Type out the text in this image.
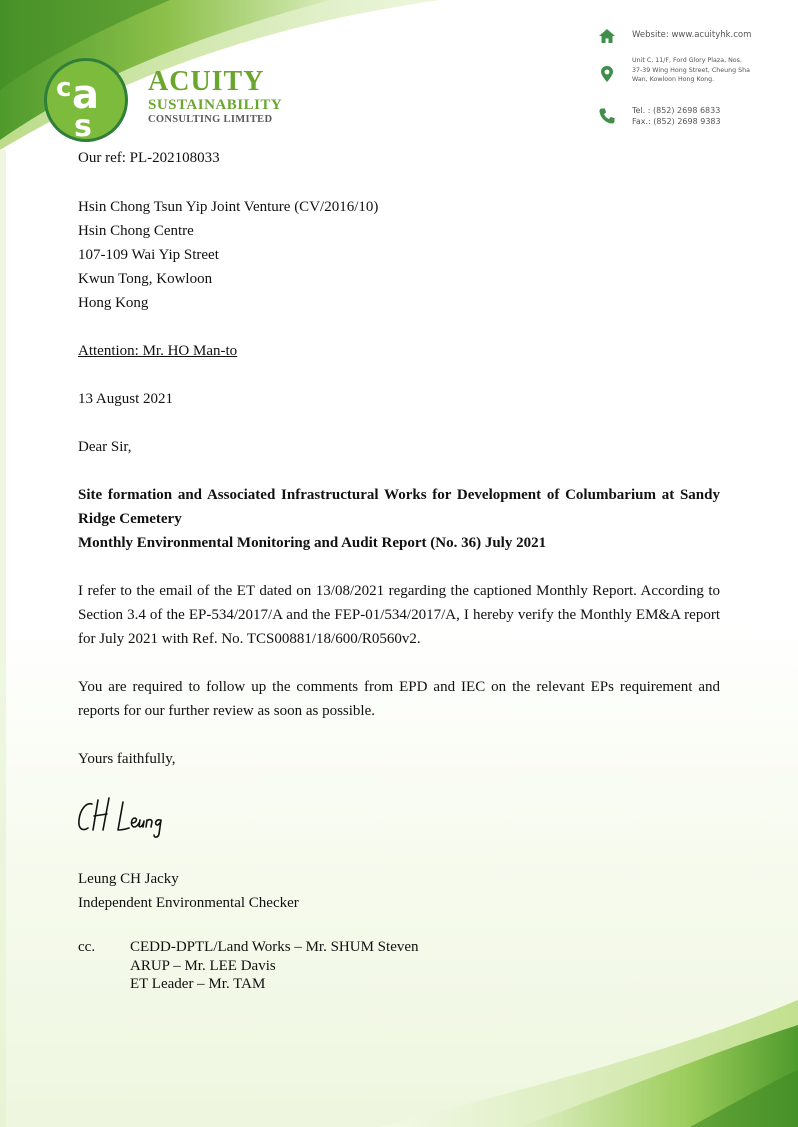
a
c
s
ACUITY
SUSTAINABILITY
CONSULTING LIMITED
Website: www.acuityhk.com
Unit C, 11/F, Ford Glory Plaza, Nos. 37-39 Wing Hong Street, Cheung Sha Wan, Kowloon Hong Kong.
Tel. : (852) 2698 6833
Fax.: (852) 2698 9383
Our ref: PL-202108033
Hsin Chong Tsun Yip Joint Venture (CV/2016/10)
Hsin Chong Centre
107-109 Wai Yip Street
Kwun Tong, Kowloon
Hong Kong
Attention: Mr. HO Man-to
13 August 2021
Dear Sir,
Site formation and Associated Infrastructural Works for Development of Columbarium at Sandy Ridge Cemetery
Monthly Environmental Monitoring and Audit Report (No. 36) July 2021
I refer to the email of the ET dated on 13/08/2021 regarding the captioned Monthly Report. According to Section 3.4 of the EP-534/2017/A and the FEP-01/534/2017/A, I hereby verify the Monthly EM&A report for July 2021 with Ref. No. TCS00881/18/600/R0560v2.
You are required to follow up the comments from EPD and IEC on the relevant EPs requirement and reports for our further review as soon as possible.
Yours faithfully,
Leung CH Jacky
Independent Environmental Checker
cc. CEDD-DPTL/Land Works – Mr. SHUM Steven
ARUP – Mr. LEE Davis
ET Leader – Mr. TAM
